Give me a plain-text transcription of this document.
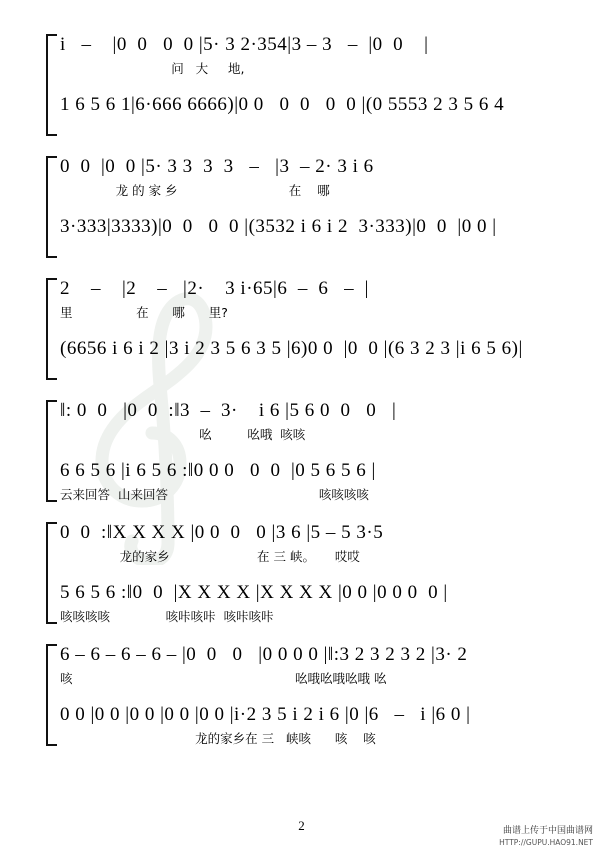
i   –    |0  0   0  0 |5· 3 2·354|3 – 3   –  |0  0    |
问   大     地,
1 6 5 6 1|6·666 6666)|0 0   0  0   0  0 |(0 5553 2 3 5 6 4
0  0  |0  0 |5· 3 3  3  3   –   |3  – 2· 3 i 6
龙 的 家 乡                            在    哪
3·333|3333)|0  0   0  0 |(3532 i 6 i 2  3·333)|0  0  |0 0 |
2    –    |2    –   |2·    3 i·65|6  –  6   –  |
里                在      哪      里?
(6656 i 6 i 2 |3 i 2 3 5 6 3 5 |6)0 0  |0  0 |(6 3 2 3 |i 6 5 6)|
‖: 0  0   |0  0  :‖3  –  3·    i 6 |5 6 0  0   0   |
吆         吆哦  咳咳
6 6 5 6 |i 6 5 6 :‖0 0 0   0  0  |0 5 6 5 6 |
云来回答  山来回答                                      咳咳咳咳
0  0  :‖X X X X |0 0  0   0 |3 6 |5 – 5 3·5
龙的家乡                      在 三 峡。     哎哎
5 6 5 6 :‖0  0  |X X X X |X X X X |0 0 |0 0 0  0 |
咳咳咳咳              咳咔咳咔  咳咔咳咔
6 – 6 – 6 – 6 – |0  0   0   |0 0 0 0 |‖:3 2 3 2 3 2 |3· 2
咳                                                        吆哦吆哦吆哦 吆
0 0 |0 0 |0 0 |0 0 |0 0 |i·2 3 5 i 2 i 6 |0 |6   –   i |6 0 |
龙的家乡在 三   峡咳      咳    咳
2	曲谱上传于中国曲谱网
HTTP://GUPU.HAO91.NET
